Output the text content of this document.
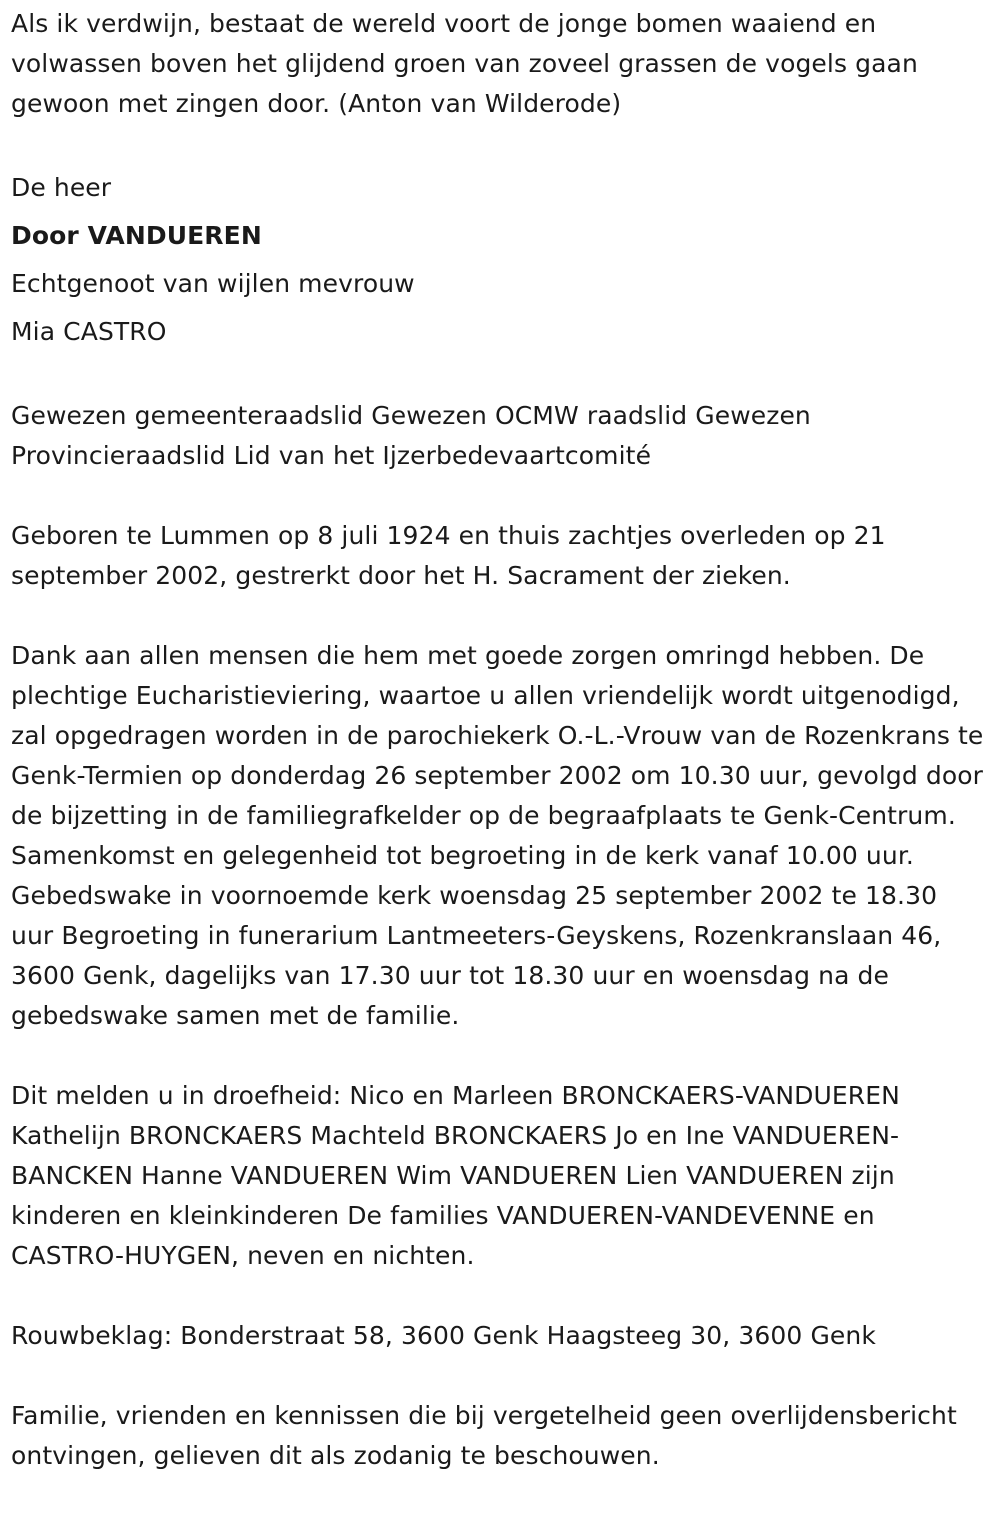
Als ik verdwijn, bestaat de wereld voort de jonge bomen waaiend en volwassen boven het glijdend groen van zoveel grassen de vogels gaan gewoon met zingen door. (Anton van Wilderode)

De heer

Door VANDUEREN

Echtgenoot van wijlen mevrouw

Mia CASTRO

Gewezen gemeenteraadslid Gewezen OCMW raadslid Gewezen Provincieraadslid Lid van het Ijzerbedevaartcomité

Geboren te Lummen op 8 juli 1924 en thuis zachtjes overleden op 21 september 2002, gestrerkt door het H. Sacrament der zieken.

Dank aan allen mensen die hem met goede zorgen omringd hebben. De plechtige Eucharistieviering, waartoe u allen vriendelijk wordt uitgenodigd, zal opgedragen worden in de parochiekerk O.-L.-Vrouw van de Rozenkrans te Genk-Termien op donderdag 26 september 2002 om 10.30 uur, gevolgd door de bijzetting in de familiegrafkelder op de begraafplaats te Genk-Centrum. Samenkomst en gelegenheid tot begroeting in de kerk vanaf 10.00 uur. Gebedswake in voornoemde kerk woensdag 25 september 2002 te 18.30 uur Begroeting in funerarium Lantmeeters-Geyskens, Rozenkranslaan 46, 3600 Genk, dagelijks van 17.30 uur tot 18.30 uur en woensdag na de gebedswake samen met de familie.

Dit melden u in droefheid: Nico en Marleen BRONCKAERS-VANDUEREN Kathelijn BRONCKAERS Machteld BRONCKAERS Jo en Ine VANDUEREN-BANCKEN Hanne VANDUEREN Wim VANDUEREN Lien VANDUEREN zijn kinderen en kleinkinderen De families VANDUEREN-VANDEVENNE en CASTRO-HUYGEN, neven en nichten.

Rouwbeklag: Bonderstraat 58, 3600 Genk Haagsteeg 30, 3600 Genk

Familie, vrienden en kennissen die bij vergetelheid geen overlijdensbericht ontvingen, gelieven dit als zodanig te beschouwen.
